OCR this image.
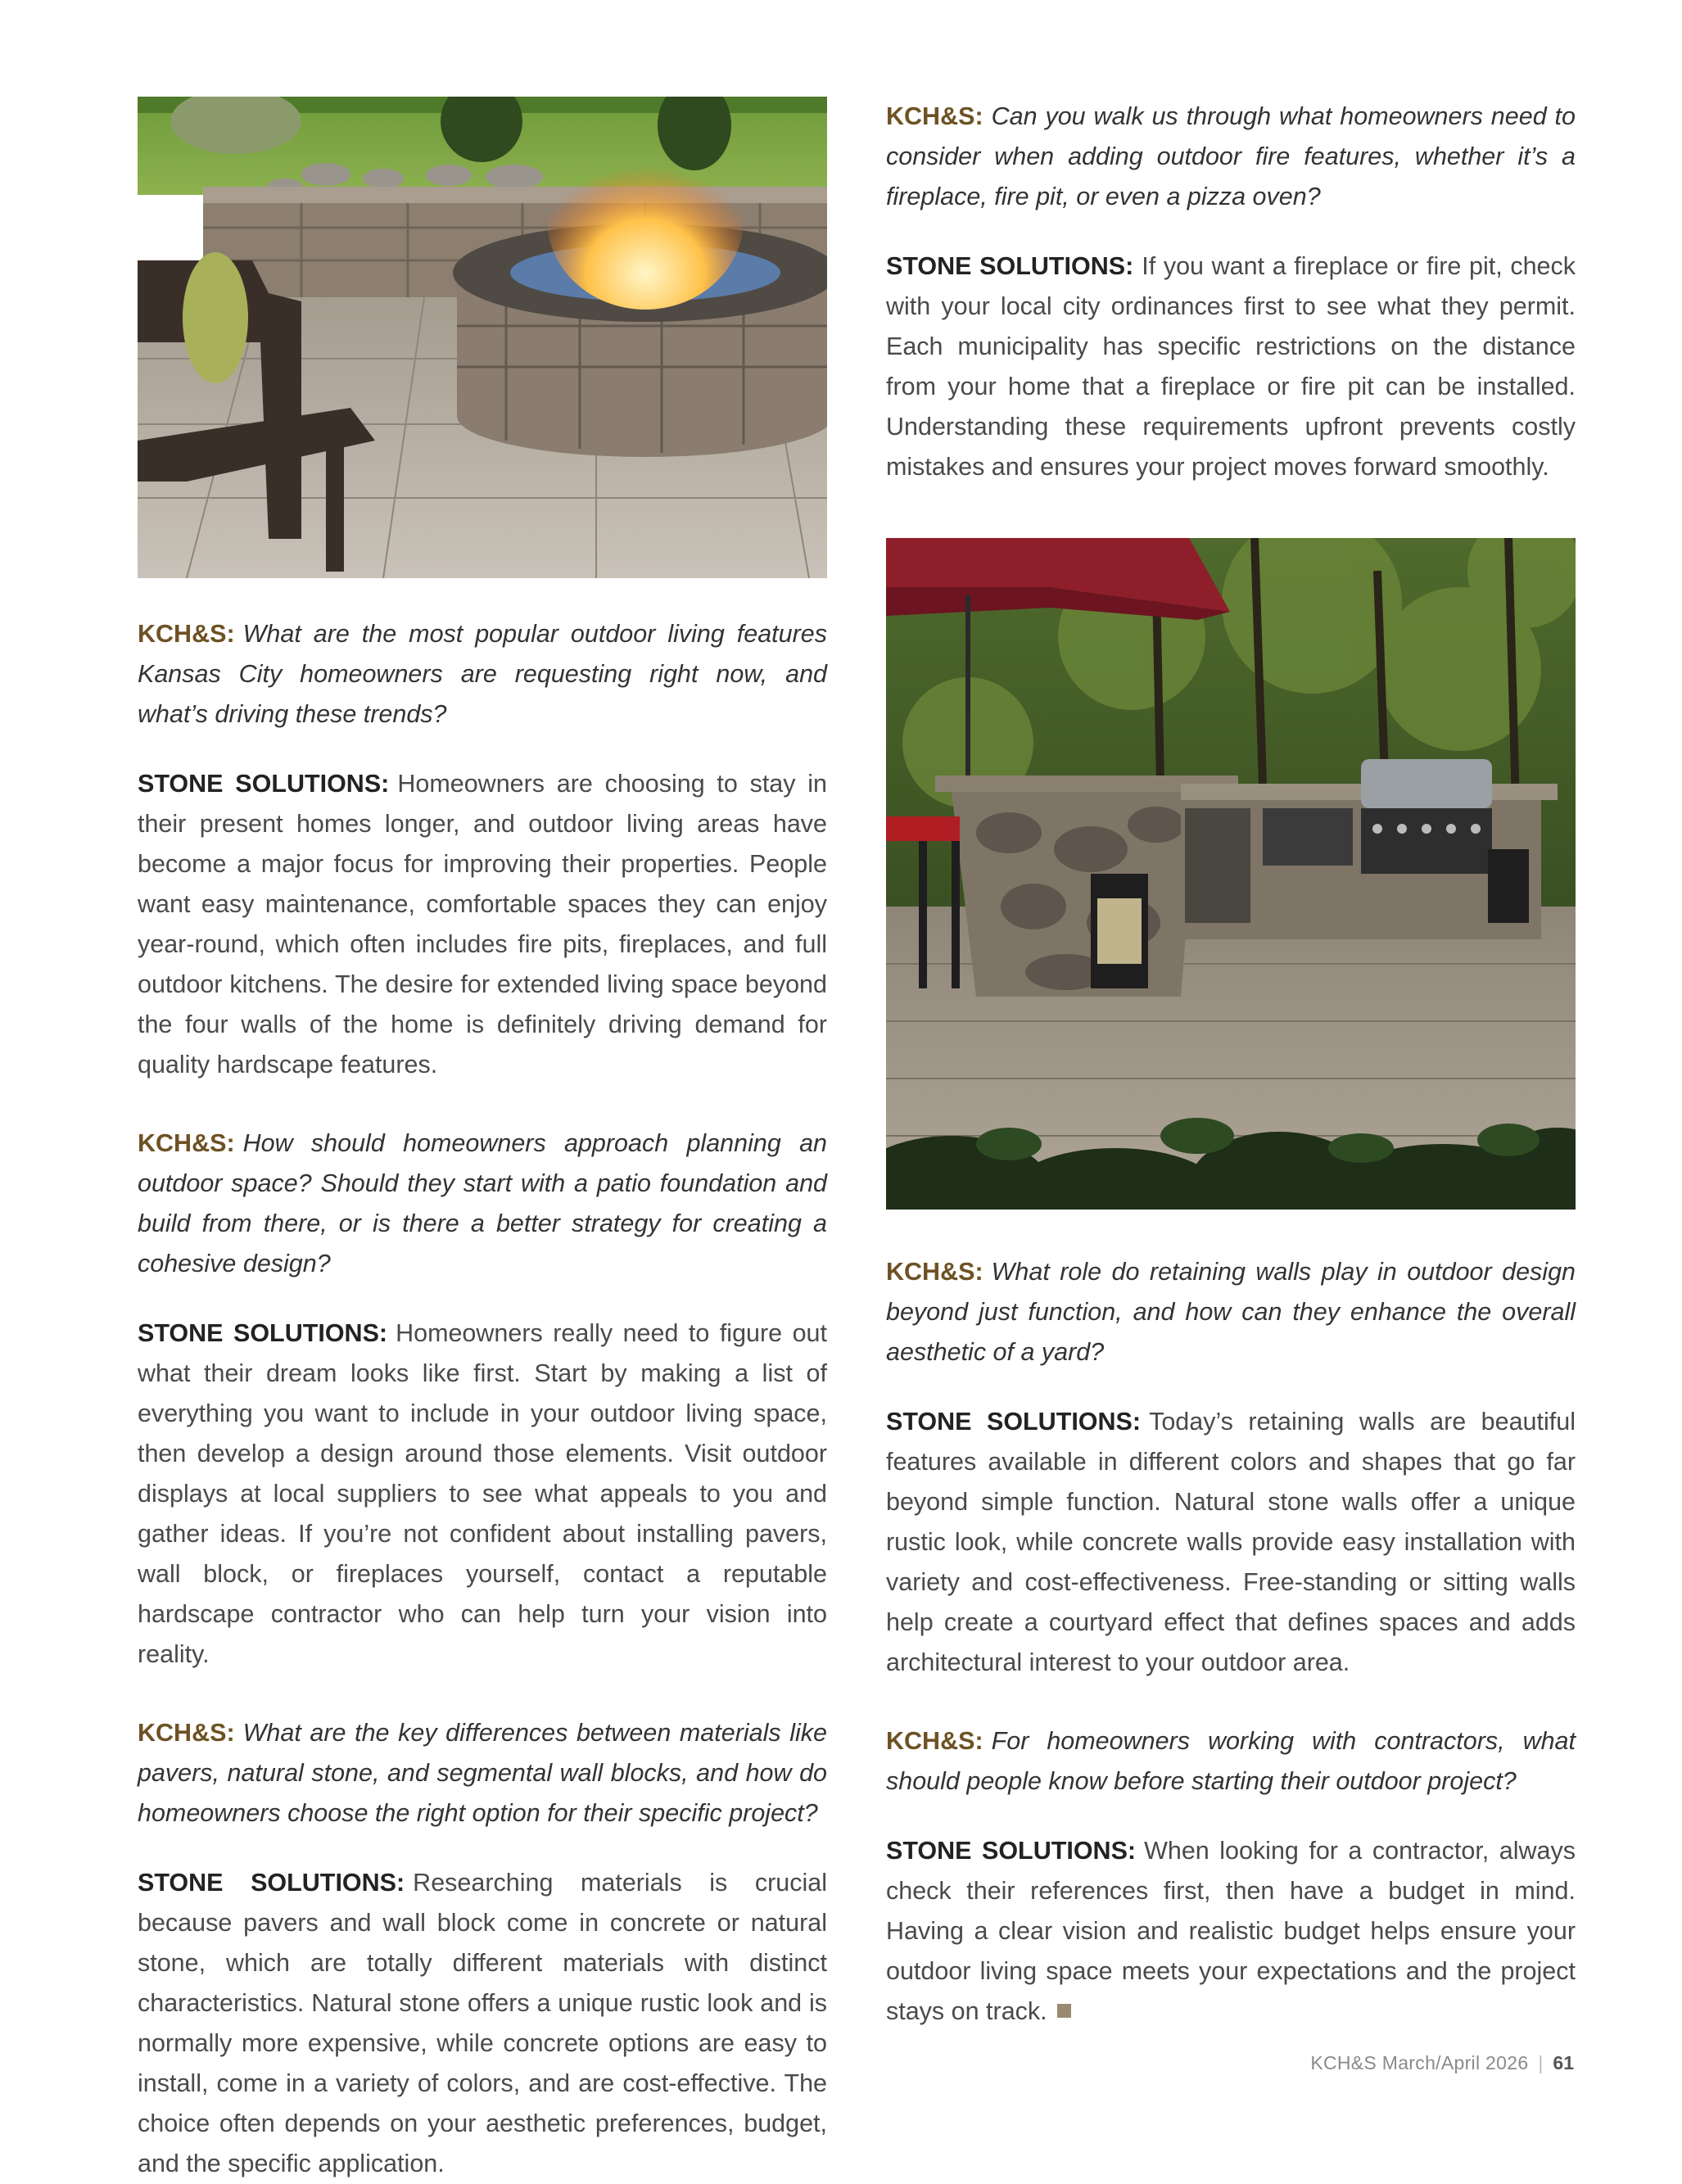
KCH&S: What are the most popular outdoor living features Kansas City homeowners are requesting right now, and what’s driving these trends?

STONE SOLUTIONS: Homeowners are choosing to stay in their present homes longer, and outdoor living areas have become a major focus for improving their properties. People want easy maintenance, comfortable spaces they can enjoy year-round, which often includes fire pits, fireplaces, and full outdoor kitchens. The desire for extended living space beyond the four walls of the home is definitely driving demand for quality hardscape features.

KCH&S: How should homeowners approach planning an outdoor space? Should they start with a patio foundation and build from there, or is there a better strategy for creating a cohesive design?

STONE SOLUTIONS: Homeowners really need to figure out what their dream looks like first. Start by making a list of everything you want to include in your outdoor living space, then develop a design around those elements. Visit outdoor displays at local suppliers to see what appeals to you and gather ideas. If you’re not confident about installing pavers, wall block, or fireplaces yourself, contact a reputable hardscape contractor who can help turn your vision into reality.

KCH&S: What are the key differences between materials like pavers, natural stone, and segmental wall blocks, and how do homeowners choose the right option for their specific project?

STONE SOLUTIONS: Researching materials is crucial because pavers and wall block come in concrete or natural stone, which are totally different materials with distinct characteristics. Natural stone offers a unique rustic look and is normally more expensive, while concrete options are easy to install, come in a variety of colors, and are cost-effective. The choice often depends on your aesthetic preferences, budget, and the specific application.

KCH&S: Can you walk us through what homeowners need to consider when adding outdoor fire features, whether it’s a fireplace, fire pit, or even a pizza oven?

STONE SOLUTIONS: If you want a fireplace or fire pit, check with your local city ordinances first to see what they permit. Each municipality has specific restrictions on the distance from your home that a fireplace or fire pit can be installed. Understanding these requirements upfront prevents costly mistakes and ensures your project moves forward smoothly.

KCH&S: What role do retaining walls play in outdoor design beyond just function, and how can they enhance the overall aesthetic of a yard?

STONE SOLUTIONS: Today’s retaining walls are beautiful features available in different colors and shapes that go far beyond simple function. Natural stone walls offer a unique rustic look, while concrete walls provide easy installation with variety and cost-effectiveness. Free-standing or sitting walls help create a courtyard effect that defines spaces and adds architectural interest to your outdoor area.

KCH&S: For homeowners working with contractors, what should people know before starting their outdoor project?

STONE SOLUTIONS: When looking for a contractor, always check their references first, then have a budget in mind. Having a clear vision and realistic budget helps ensure your outdoor living space meets your expectations and the project stays on track.

KCH&S March/April 2026 | 61
